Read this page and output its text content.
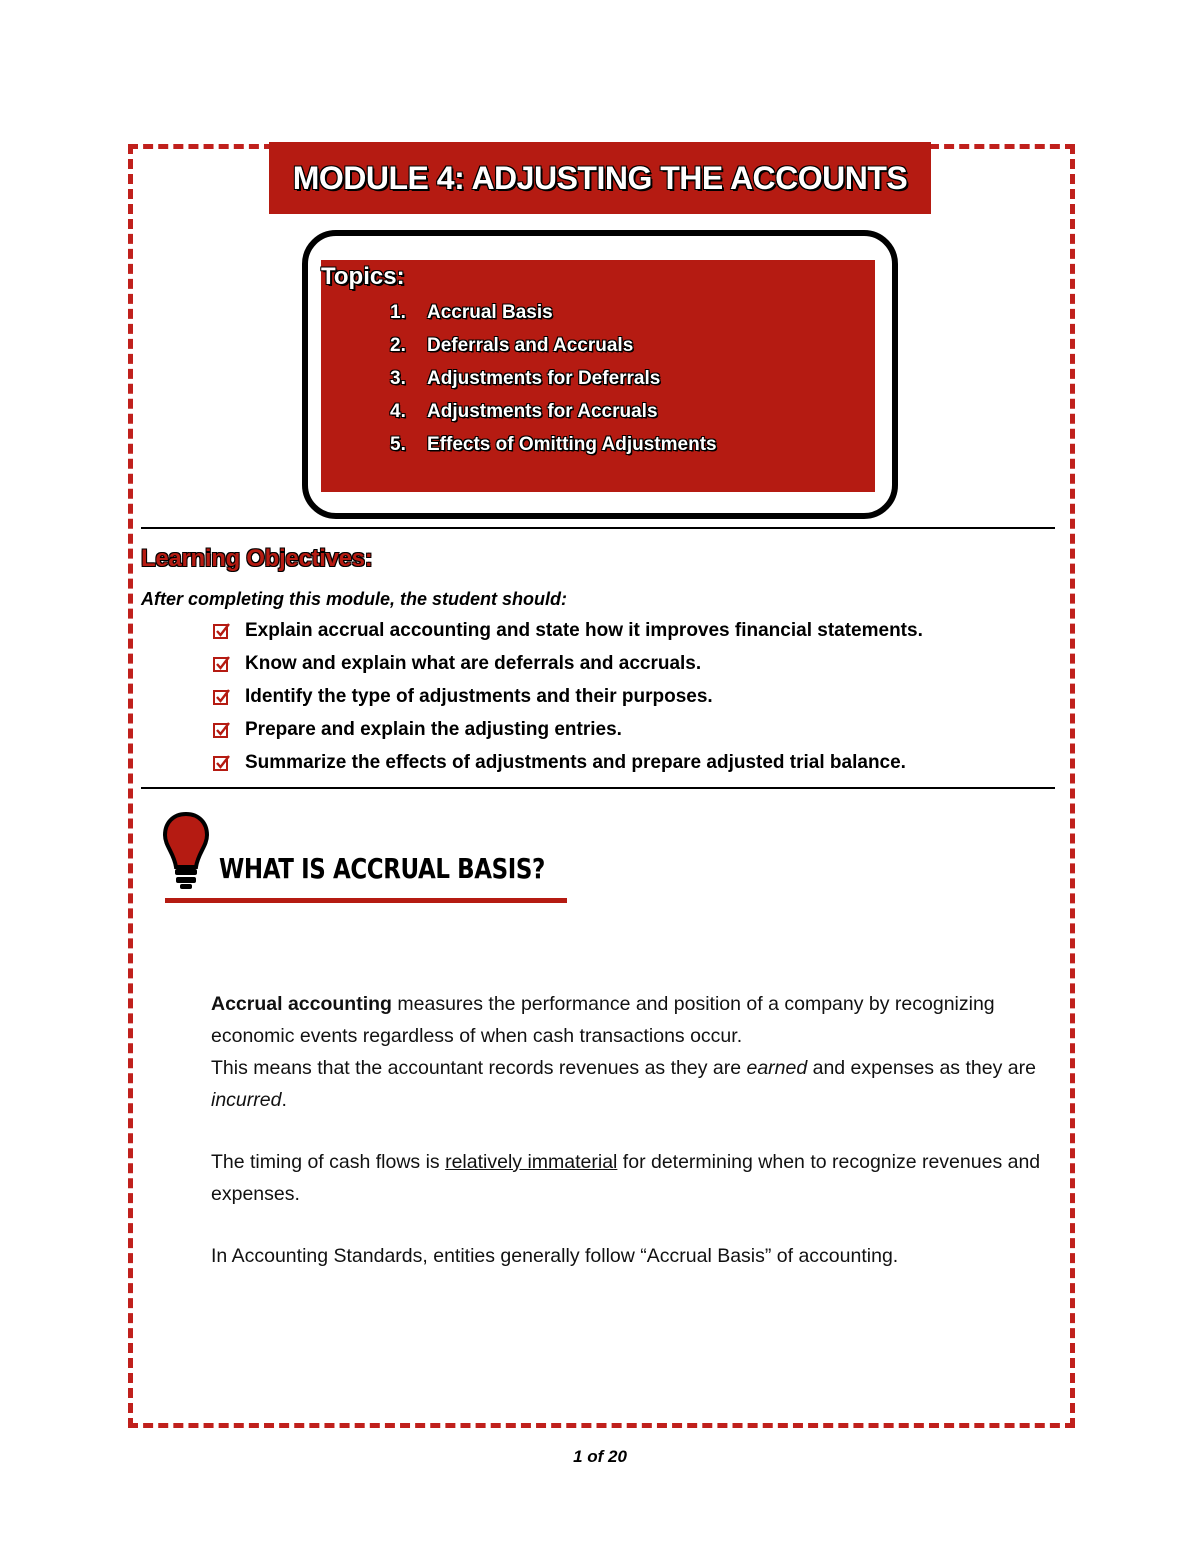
MODULE 4: ADJUSTING THE ACCOUNTS
Topics:
1. Accrual Basis
2. Deferrals and Accruals
3. Adjustments for Deferrals
4. Adjustments for Accruals
5. Effects of Omitting Adjustments
Learning Objectives:
After completing this module, the student should:
Explain accrual accounting and state how it improves financial statements.
Know and explain what are deferrals and accruals.
Identify the type of adjustments and their purposes.
Prepare and explain the adjusting entries.
Summarize the effects of adjustments and prepare adjusted trial balance.
WHAT IS ACCRUAL BASIS?

Accrual accounting measures the performance and position of a company by recognizing economic events regardless of when cash transactions occur.

This means that the accountant records revenues as they are earned and expenses as they are incurred.

The timing of cash flows is relatively immaterial for determining when to recognize revenues and expenses.

In Accounting Standards, entities generally follow “Accrual Basis” of accounting.

1 of 20
